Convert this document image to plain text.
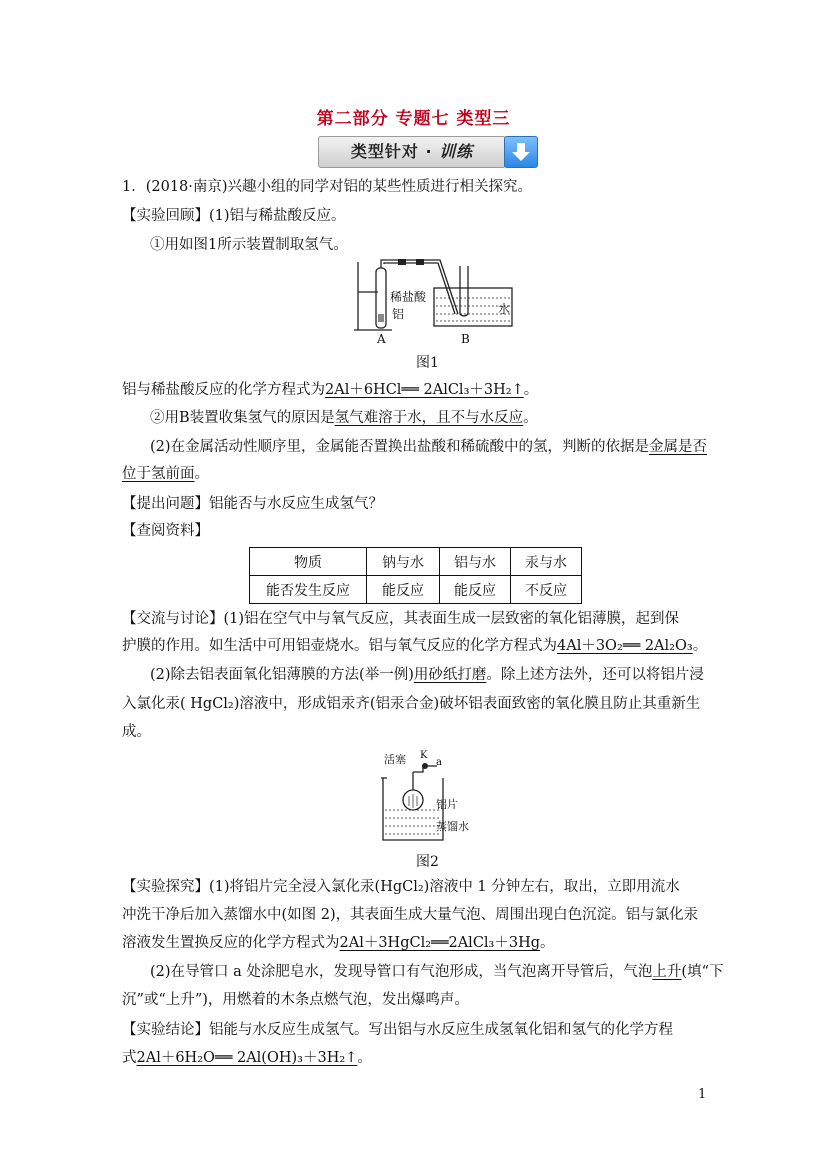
第二部分 专题七 类型三
类型针对 · 训练
1．(2018·南京)兴趣小组的同学对铝的某些性质进行相关探究。
【实验回顾】(1)铝与稀盐酸反应。
①用如图1所示装置制取氢气。
稀盐酸
铝	水
A	B
图1
铝与稀盐酸反应的化学方程式为2Al＋6HCl══ 2AlCl₃＋3H₂↑。
②用B装置收集氢气的原因是氢气难溶于水，且不与水反应。
(2)在金属活动性顺序里，金属能否置换出盐酸和稀硫酸中的氢，判断的依据是金属是否
位于氢前面。
【提出问题】铝能否与水反应生成氢气？
【查阅资料】
物质	钠与水	铝与水	汞与水
能否发生反应	能反应	能反应	不反应
【交流与讨论】(1)铝在空气中与氧气反应，其表面生成一层致密的氧化铝薄膜，起到保
护膜的作用。如生活中可用铝壶烧水。铝与氧气反应的化学方程式为4Al＋3O₂══ 2Al₂O₃。
(2)除去铝表面氧化铝薄膜的方法(举一例)用砂纸打磨。除上述方法外，还可以将铝片浸
入氯化汞( HgCl₂)溶液中，形成铝汞齐(铝汞合金)破坏铝表面致密的氧化膜且防止其重新生
成。
活塞 K
a
铝片
蒸馏水
图2
【实验探究】(1)将铝片完全浸入氯化汞(HgCl₂)溶液中 1 分钟左右，取出，立即用流水
冲洗干净后加入蒸馏水中(如图 2)，其表面生成大量气泡、周围出现白色沉淀。铝与氯化汞
溶液发生置换反应的化学方程式为2Al＋3HgCl₂══2AlCl₃＋3Hg。
(2)在导管口 a 处涂肥皂水，发现导管口有气泡形成，当气泡离开导管后，气泡上升(填“下
沉”或“上升”)，用燃着的木条点燃气泡，发出爆鸣声。
【实验结论】铝能与水反应生成氢气。写出铝与水反应生成氢氧化铝和氢气的化学方程
式2Al＋6H₂O══ 2Al(OH)₃＋3H₂↑。
1
